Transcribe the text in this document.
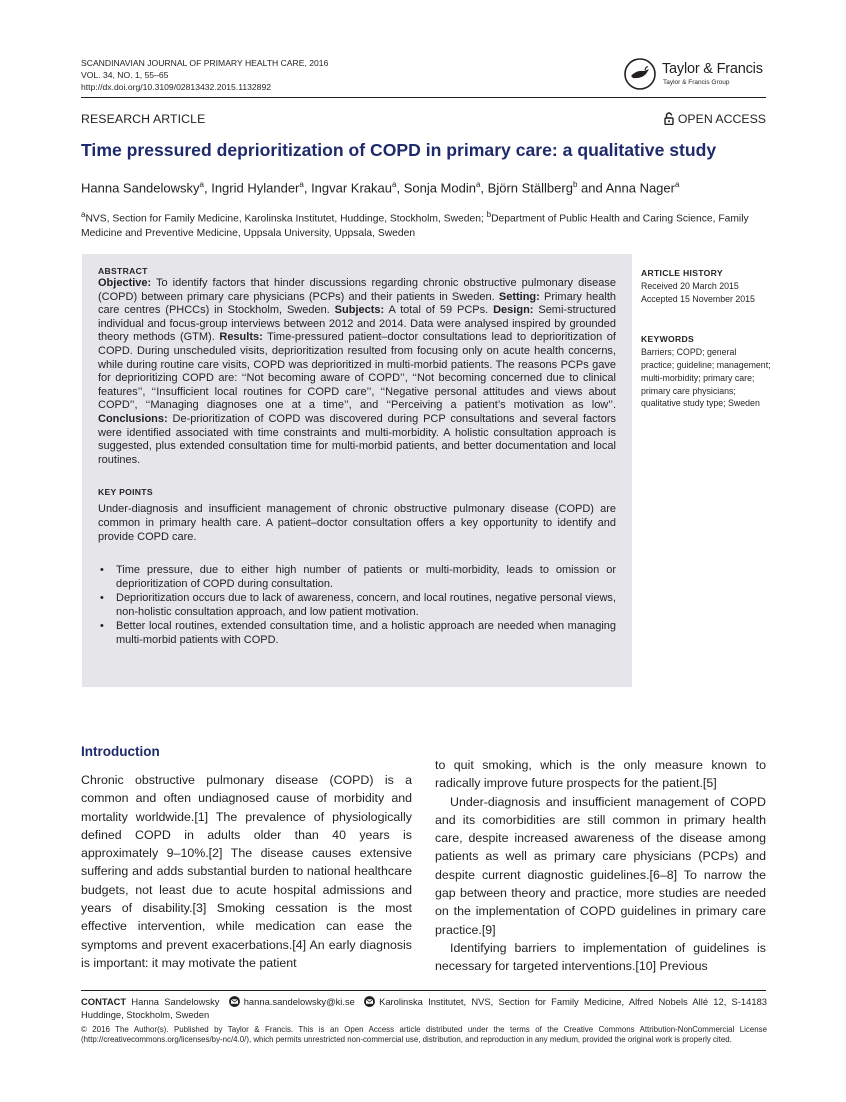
SCANDINAVIAN JOURNAL OF PRIMARY HEALTH CARE, 2016
VOL. 34, NO. 1, 55–65
http://dx.doi.org/10.3109/02813432.2015.1132892
Taylor & Francis
Taylor & Francis Group
RESEARCH ARTICLE	OPEN ACCESS
Time pressured deprioritization of COPD in primary care: a qualitative study
Hanna Sandelowsky$^a$, Ingrid Hylander$^a$, Ingvar Krakau$^a$, Sonja Modin$^a$, Björn Ställberg$^b$ and Anna Nager$^a$
$^a$NVS, Section for Family Medicine, Karolinska Institutet, Huddinge, Stockholm, Sweden; $^b$Department of Public Health and Caring Science, Family Medicine and Preventive Medicine, Uppsala University, Uppsala, Sweden
ABSTRACT
Objective: To identify factors that hinder discussions regarding chronic obstructive pulmonary disease (COPD) between primary care physicians (PCPs) and their patients in Sweden. Setting: Primary health care centres (PHCCs) in Stockholm, Sweden. Subjects: A total of 59 PCPs. Design: Semi-structured individual and focus-group interviews between 2012 and 2014. Data were analysed inspired by grounded theory methods (GTM). Results: Time-pressured patient–doctor consultations lead to deprioritization of COPD. During unscheduled visits, deprioritization resulted from focusing only on acute health concerns, while during routine care visits, COPD was deprioritized in multi-morbid patients. The reasons PCPs gave for deprioritizing COPD are: ‘‘Not becoming aware of COPD’’, ‘‘Not becoming concerned due to clinical features’’, ‘‘Insufficient local routines for COPD care’’, ‘‘Negative personal attitudes and views about COPD’’, ‘‘Managing diagnoses one at a time’’, and ‘‘Perceiving a patient’s motivation as low’’. Conclusions: De-prioritization of COPD was discovered during PCP consultations and several factors were identified associated with time constraints and multi-morbidity. A holistic consultation approach is suggested, plus extended consultation time for multi-morbid patients, and better documentation and local routines.
KEY POINTS
Under-diagnosis and insufficient management of chronic obstructive pulmonary disease (COPD) are common in primary health care. A patient–doctor consultation offers a key opportunity to identify and provide COPD care.
• Time pressure, due to either high number of patients or multi-morbidity, leads to omission or deprioritization of COPD during consultation.
• Deprioritization occurs due to lack of awareness, concern, and local routines, negative personal views, non-holistic consultation approach, and low patient motivation.
• Better local routines, extended consultation time, and a holistic approach are needed when managing multi-morbid patients with COPD.
ARTICLE HISTORY
Received 20 March 2015
Accepted 15 November 2015
KEYWORDS
Barriers; COPD; general practice; guideline; management; multi-morbidity; primary care; primary care physicians; qualitative study type; Sweden
Introduction

Chronic obstructive pulmonary disease (COPD) is a common and often undiagnosed cause of morbidity and mortality worldwide.[1] The prevalence of physiologically defined COPD in adults older than 40 years is approximately 9–10%.[2] The disease causes extensive suffering and adds substantial burden to national healthcare budgets, not least due to acute hospital admissions and years of disability.[3] Smoking cessation is the most effective intervention, while medication can ease the symptoms and prevent exacerbations.[4] An early diagnosis is important: it may motivate the patient

to quit smoking, which is the only measure known to radically improve future prospects for the patient.[5]

Under-diagnosis and insufficient management of COPD and its comorbidities are still common in primary health care, despite increased awareness of the disease among patients as well as primary care physicians (PCPs) and despite current diagnostic guidelines.[6–8] To narrow the gap between theory and practice, more studies are needed on the implementation of COPD guidelines in primary care practice.[9]

Identifying barriers to implementation of guidelines is necessary for targeted interventions.[10] Previous

CONTACT Hanna Sandelowsky	hanna.sandelowsky@ki.se	Karolinska Institutet, NVS, Section for Family Medicine, Alfred Nobels Allé 12, S-14183 Huddinge, Stockholm, Sweden
© 2016 The Author(s). Published by Taylor & Francis. This is an Open Access article distributed under the terms of the Creative Commons Attribution-NonCommercial License (http://creativecommons.org/licenses/by-nc/4.0/), which permits unrestricted non-commercial use, distribution, and reproduction in any medium, provided the original work is properly cited.
